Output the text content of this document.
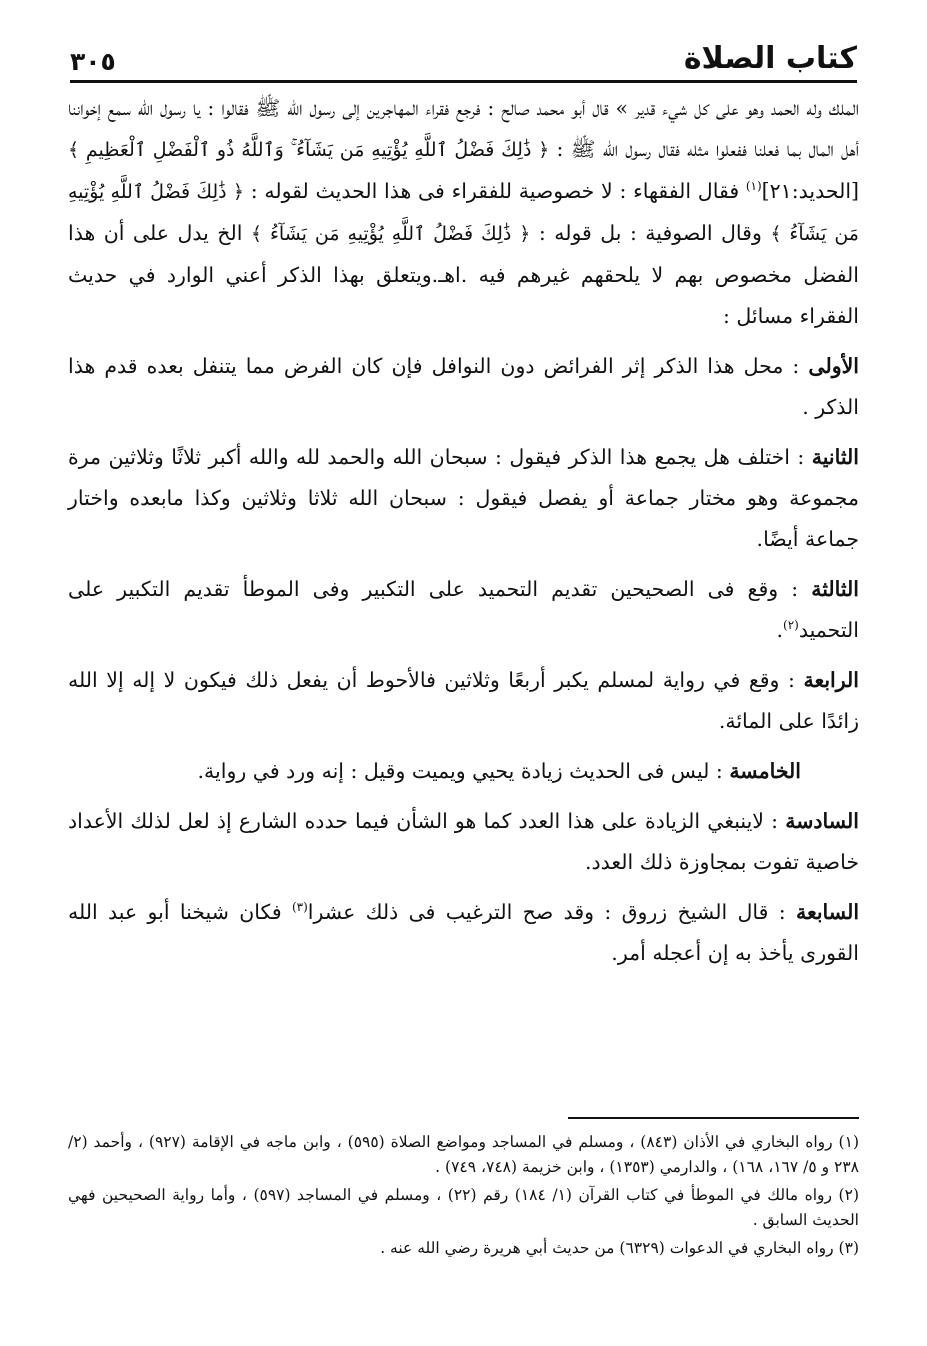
كتاب الصلاة
٣٠٥

الملك وله الحمد وهو على كل شيء قدير » قال أبو محمد صالح : فرجع فقراء المهاجرين إلى رسول الله ﷺ فقالوا : يا رسول الله سمع إخواننا أهل المال بما فعلنا ففعلوا مثله فقال رسول الله ﷺ : ﴿ ذَٰلِكَ فَضْلُ ٱللَّهِ يُؤْتِيهِ مَن يَشَآءُ ۚ وَٱللَّهُ ذُو ٱلْفَضْلِ ٱلْعَظِيمِ ﴾ [الحديد:٢١]$^{(١)}$ فقال الفقهاء : لا خصوصية للفقراء فى هذا الحديث لقوله : ﴿ ذَٰلِكَ فَضْلُ ٱللَّهِ يُؤْتِيهِ مَن يَشَآءُ ﴾ وقال الصوفية : بل قوله : ﴿ ذَٰلِكَ فَضْلُ ٱللَّهِ يُؤْتِيهِ مَن يَشَآءُ ﴾ الخ يدل على أن هذا الفضل مخصوص بهم لا يلحقهم غيرهم فيه .اهـ.ويتعلق بهذا الذكر أعني الوارد في حديث الفقراء مسائل :

الأولى : محل هذا الذكر إثر الفرائض دون النوافل فإن كان الفرض مما يتنفل بعده قدم هذا الذكر .

الثانية : اختلف هل يجمع هذا الذكر فيقول : سبحان الله والحمد لله والله أكبر ثلاثًا وثلاثين مرة مجموعة وهو مختار جماعة أو يفصل فيقول : سبحان الله ثلاثا وثلاثين وكذا مابعده واختار جماعة أيضًا.

الثالثة : وقع فى الصحيحين تقديم التحميد على التكبير وفى الموطأ تقديم التكبير على التحميد$^{(٢)}$.

الرابعة : وقع في رواية لمسلم يكبر أربعًا وثلاثين فالأحوط أن يفعل ذلك فيكون لا إله إلا الله زائدًا على المائة.

الخامسة : ليس فى الحديث زيادة يحيي ويميت وقيل : إنه ورد في رواية.

السادسة : لاينبغي الزيادة على هذا العدد كما هو الشأن فيما حدده الشارع إذ لعل لذلك الأعداد خاصية تفوت بمجاوزة ذلك العدد.

السابعة : قال الشيخ زروق : وقد صح الترغيب فى ذلك عشرا$^{(٣)}$ فكان شيخنا أبو عبد الله القورى يأخذ به إن أعجله أمر.

(١) رواه البخاري في الأذان (٨٤٣) ، ومسلم في المساجد ومواضع الصلاة (٥٩٥) ، وابن ماجه في الإقامة (٩٢٧) ، وأحمد (٢/ ٢٣٨ و ٥/ ١٦٧، ١٦٨) ، والدارمي (١٣٥٣) ، وابن خزيمة (٧٤٨، ٧٤٩) .

(٢) رواه مالك في الموطأ في كتاب القرآن (١/ ١٨٤) رقم (٢٢) ، ومسلم في المساجد (٥٩٧) ، وأما رواية الصحيحين فهي الحديث السابق .

(٣) رواه البخاري في الدعوات (٦٣٢٩) من حديث أبي هريرة رضي الله عنه .
